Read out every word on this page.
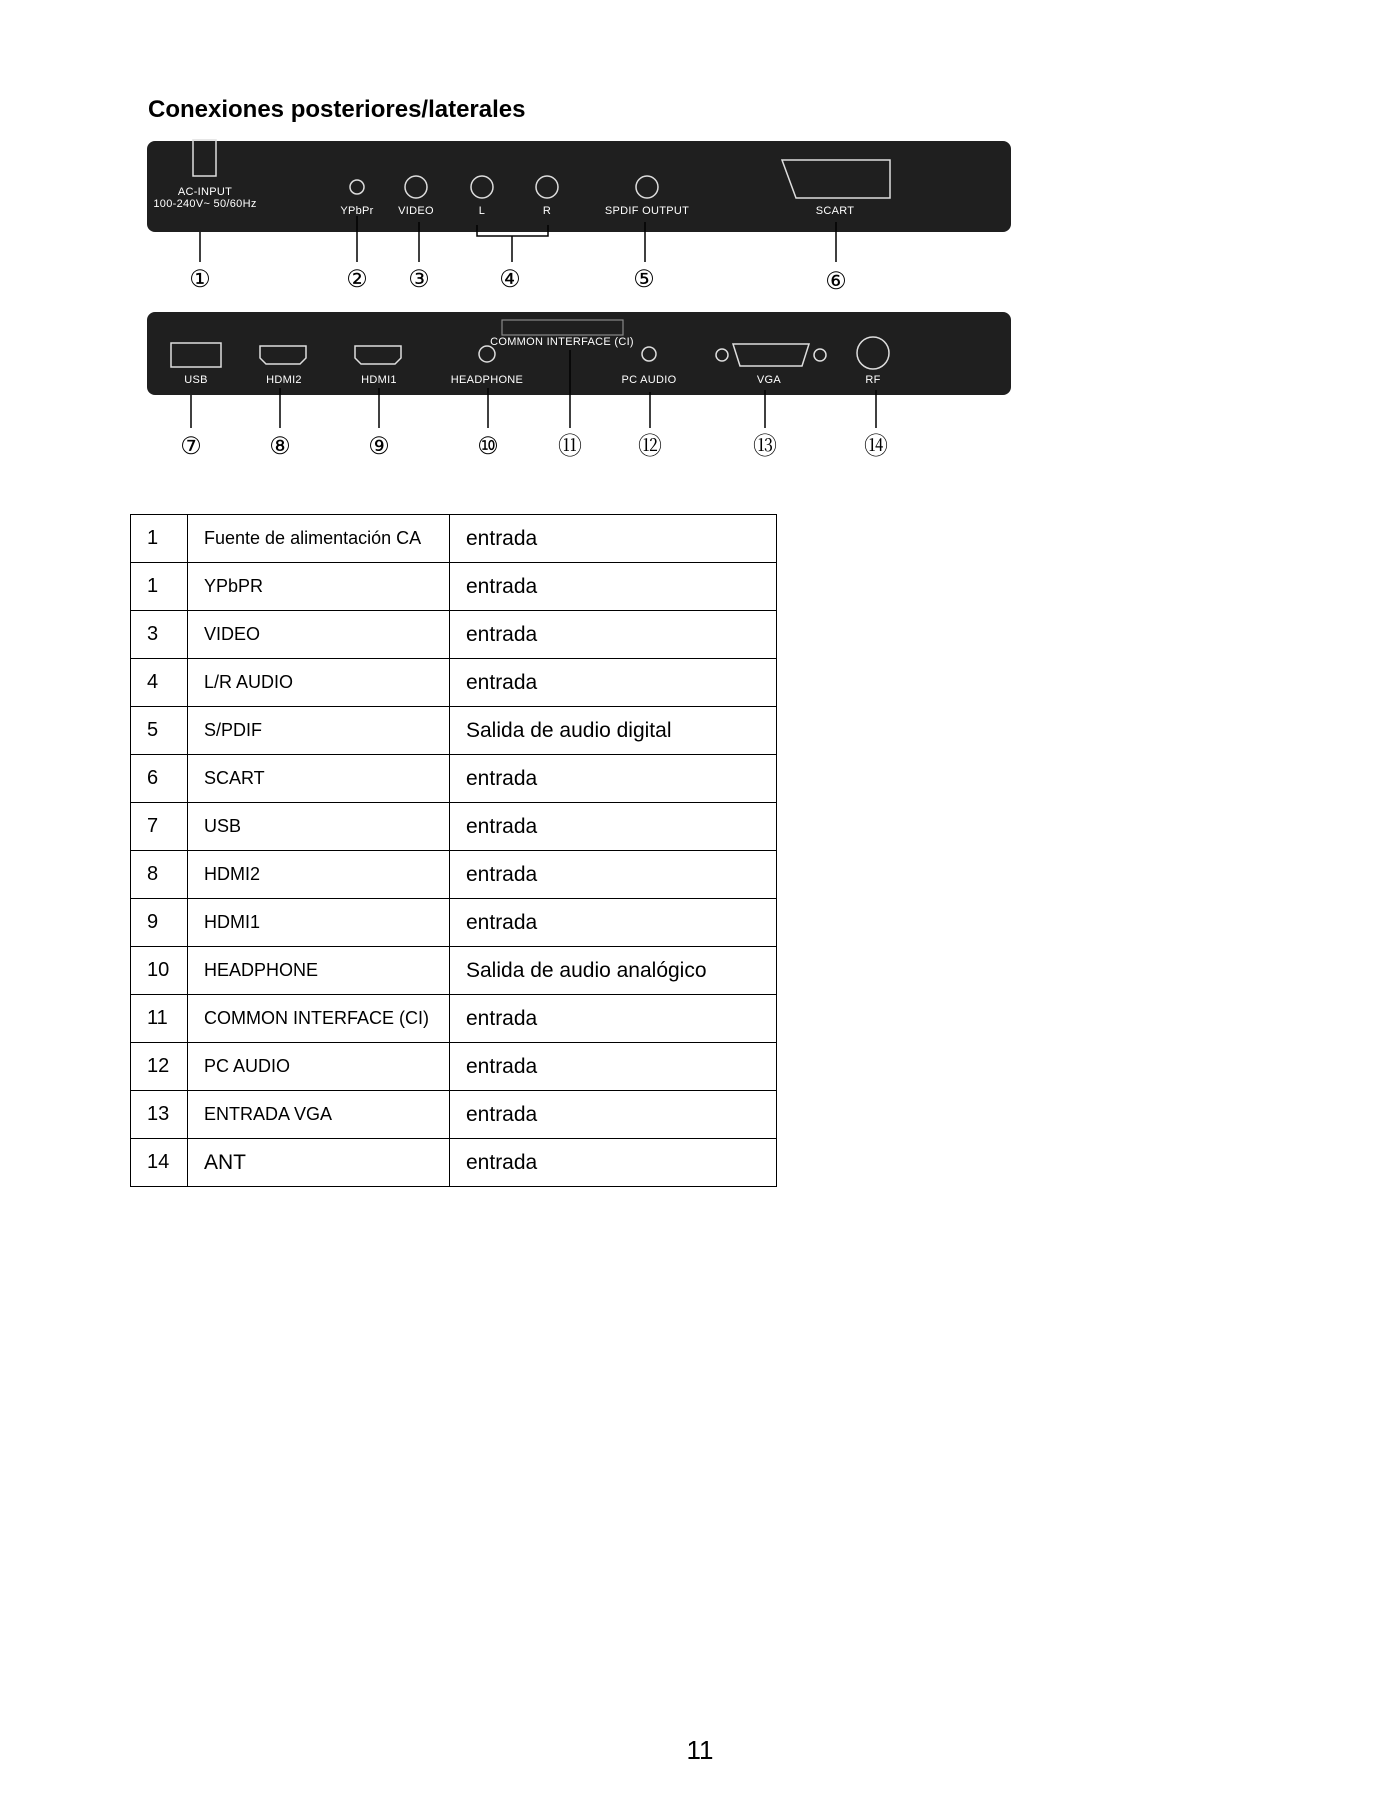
Conexiones posteriores/laterales
AC-INPUT
100-240V~ 50/60Hz
YPbPr VIDEO	L	R	SPDIF OUTPUT	SCART
①	② ③	④	⑤	⑥
COMMON INTERFACE (CI)
USB	HDMI2	HDMI1	HEADPHONE	PC AUDIO	VGA	RF
⑦	⑧	⑨	⑩ ⑪ ⑫	⑬	⑭
1	Fuente de alimentación CA	entrada
1	YPbPR	entrada
3	VIDEO	entrada
4	L/R AUDIO	entrada
5	S/PDIF	Salida de audio digital
6	SCART	entrada
7	USB	entrada
8	HDMI2	entrada
9	HDMI1	entrada
10	HEADPHONE	Salida de audio analógico
11	COMMON INTERFACE (CI)	entrada
12	PC AUDIO	entrada
13	ENTRADA VGA	entrada
14	ANT	entrada
11
